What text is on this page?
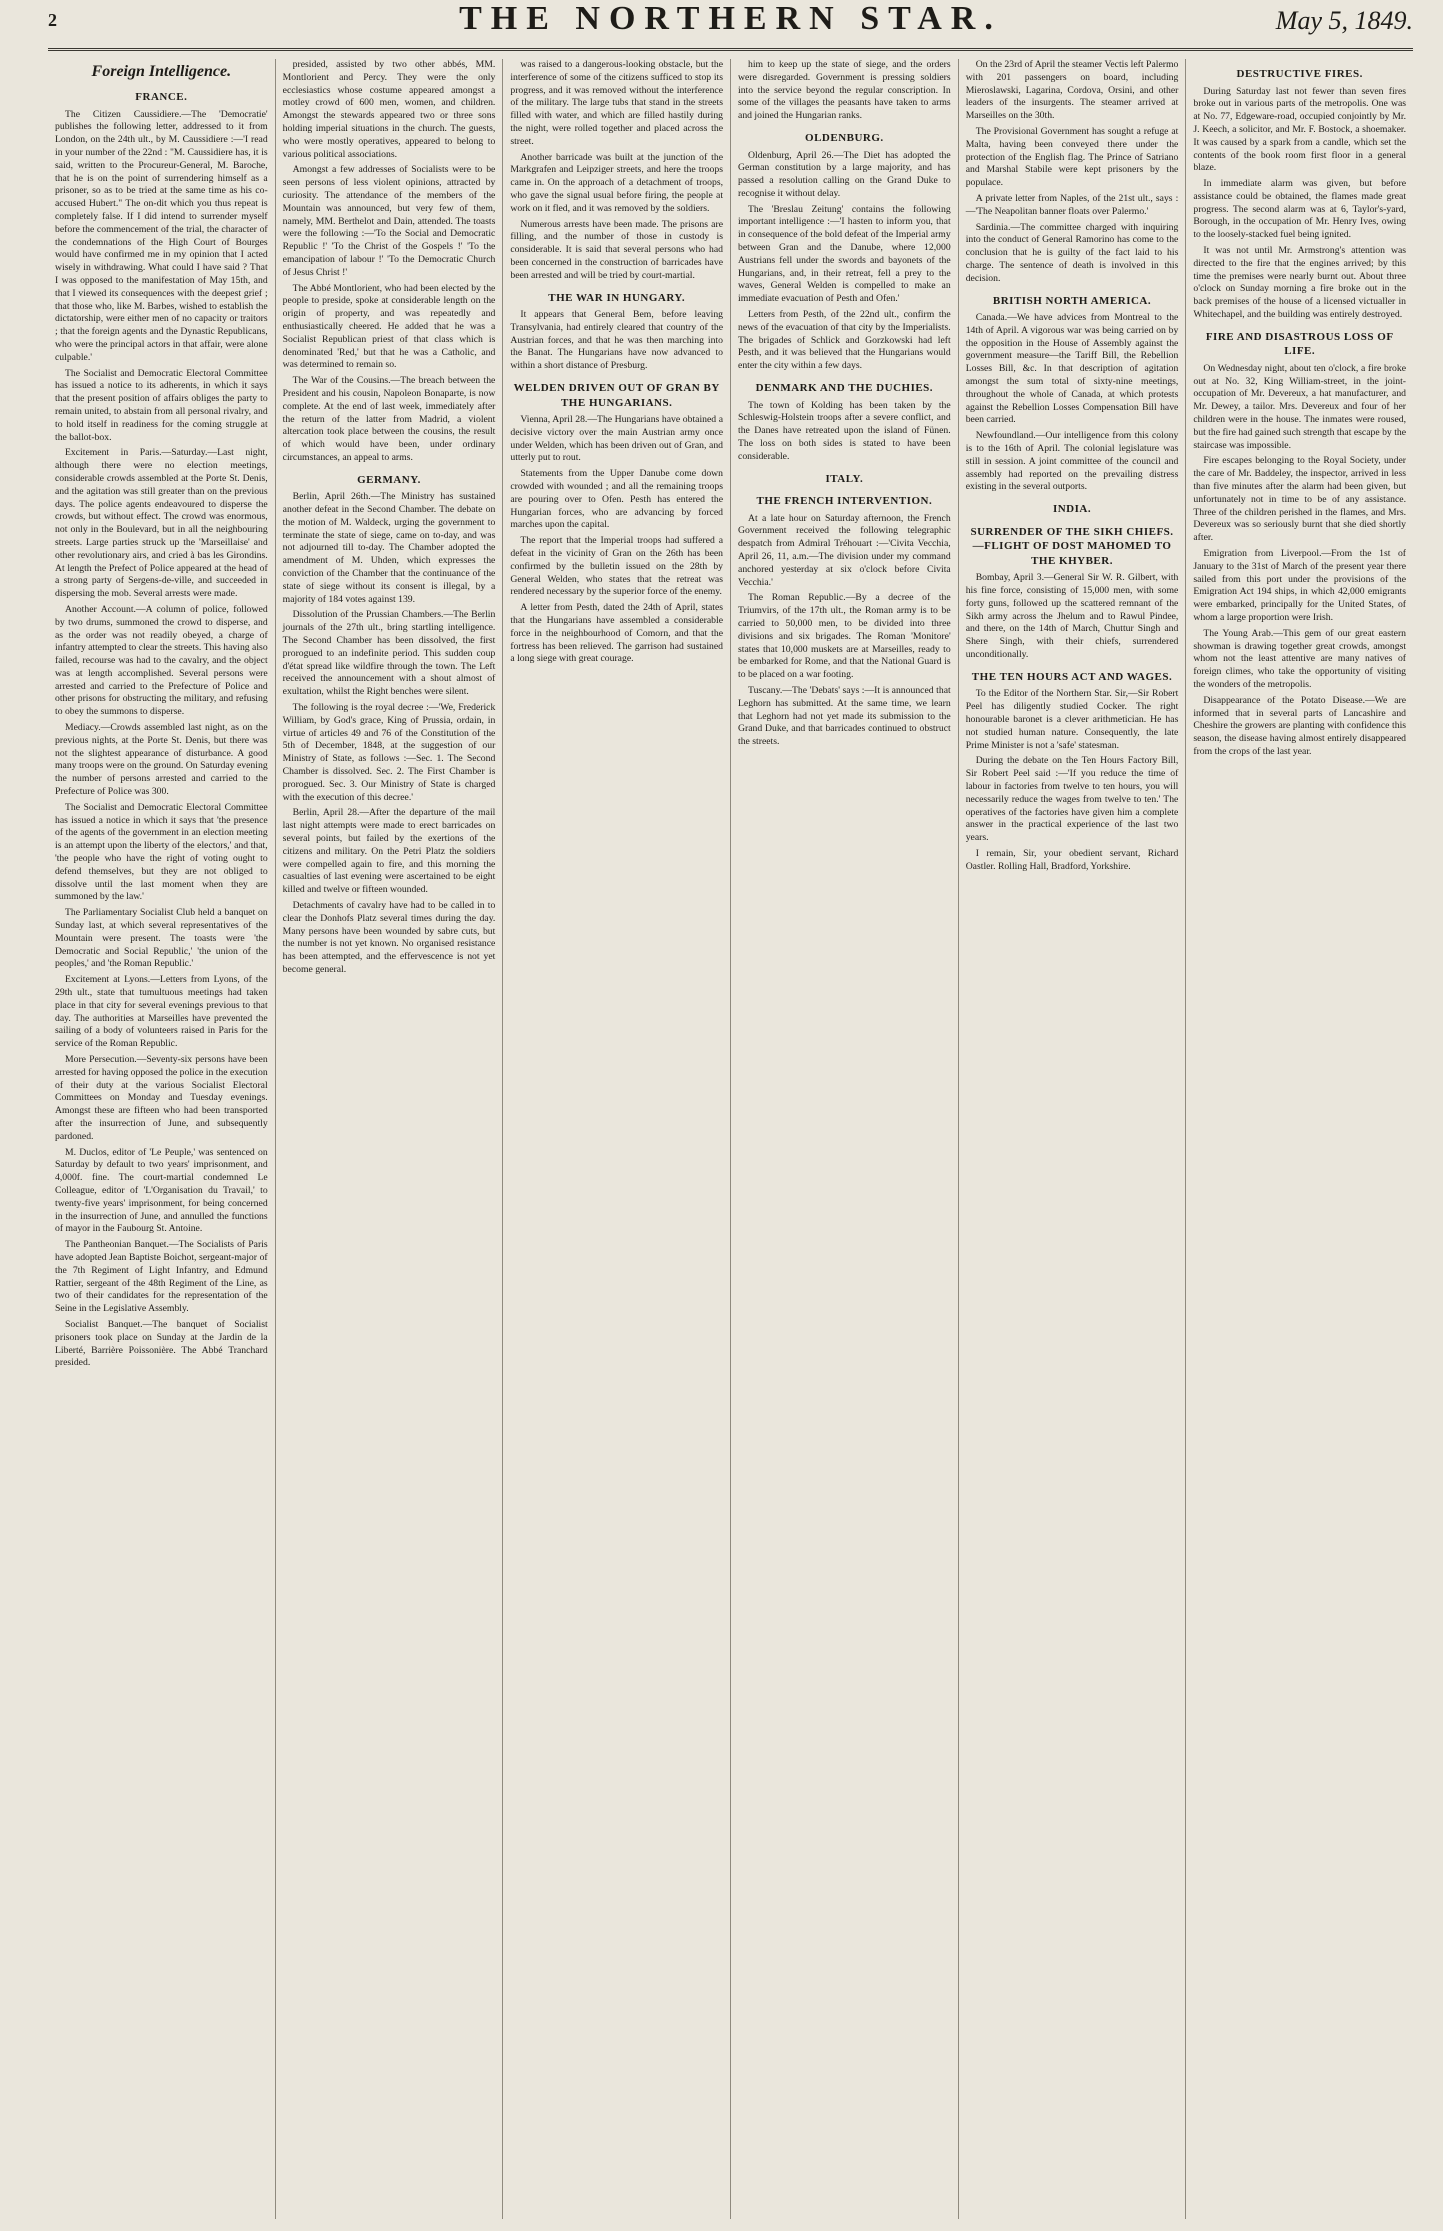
2	THE NORTHERN STAR.	May 5, 1849.
Foreign Intelligence.
FRANCE.

The Citizen Caussidiere.—The 'Democratie' publishes the following letter, addressed to it from London, on the 24th ult., by M. Caussidiere :—'I read in your number of the 22nd : "M. Caussidiere has, it is said, written to the Procureur-General, M. Baroche, that he is on the point of surrendering himself as a prisoner, so as to be tried at the same time as his co-accused Hubert." The on-dit which you thus repeat is completely false. If I did intend to surrender myself before the commencement of the trial, the character of the condemnations of the High Court of Bourges would have confirmed me in my opinion that I acted wisely in withdrawing. What could I have said ? That I was opposed to the manifestation of May 15th, and that I viewed its consequences with the deepest grief ; that those who, like M. Barbes, wished to establish the dictatorship, were either men of no capacity or traitors ; that the foreign agents and the Dynastic Republicans, who were the principal actors in that affair, were alone culpable.'

The Socialist and Democratic Electoral Committee has issued a notice to its adherents, in which it says that the present position of affairs obliges the party to remain united, to abstain from all personal rivalry, and to hold itself in readiness for the coming struggle at the ballot-box.

Excitement in Paris.—Saturday.—Last night, although there were no election meetings, considerable crowds assembled at the Porte St. Denis, and the agitation was still greater than on the previous days. The police agents endeavoured to disperse the crowds, but without effect. The crowd was enormous, not only in the Boulevard, but in all the neighbouring streets. Large parties struck up the 'Marseillaise' and other revolutionary airs, and cried à bas les Girondins. At length the Prefect of Police appeared at the head of a strong party of Sergens-de-ville, and succeeded in dispersing the mob. Several arrests were made.

Another Account.—A column of police, followed by two drums, summoned the crowd to disperse, and as the order was not readily obeyed, a charge of infantry attempted to clear the streets. This having also failed, recourse was had to the cavalry, and the object was at length accomplished. Several persons were arrested and carried to the Prefecture of Police and other prisons for obstructing the military, and refusing to obey the summons to disperse.

Mediacy.—Crowds assembled last night, as on the previous nights, at the Porte St. Denis, but there was not the slightest appearance of disturbance. A good many troops were on the ground. On Saturday evening the number of persons arrested and carried to the Prefecture of Police was 300.

The Socialist and Democratic Electoral Committee has issued a notice in which it says that 'the presence of the agents of the government in an election meeting is an attempt upon the liberty of the electors,' and that, 'the people who have the right of voting ought to defend themselves, but they are not obliged to dissolve until the last moment when they are summoned by the law.'

The Parliamentary Socialist Club held a banquet on Sunday last, at which several representatives of the Mountain were present. The toasts were 'the Democratic and Social Republic,' 'the union of the peoples,' and 'the Roman Republic.'

Excitement at Lyons.—Letters from Lyons, of the 29th ult., state that tumultuous meetings had taken place in that city for several evenings previous to that day. The authorities at Marseilles have prevented the sailing of a body of volunteers raised in Paris for the service of the Roman Republic.

More Persecution.—Seventy-six persons have been arrested for having opposed the police in the execution of their duty at the various Socialist Electoral Committees on Monday and Tuesday evenings. Amongst these are fifteen who had been transported after the insurrection of June, and subsequently pardoned.

M. Duclos, editor of 'Le Peuple,' was sentenced on Saturday by default to two years' imprisonment, and 4,000f. fine. The court-martial condemned Le Colleague, editor of 'L'Organisation du Travail,' to twenty-five years' imprisonment, for being concerned in the insurrection of June, and annulled the functions of mayor in the Faubourg St. Antoine.

The Pantheonian Banquet.—The Socialists of Paris have adopted Jean Baptiste Boichot, sergeant-major of the 7th Regiment of Light Infantry, and Edmund Rattier, sergeant of the 48th Regiment of the Line, as two of their candidates for the representation of the Seine in the Legislative Assembly.

Socialist Banquet.—The banquet of Socialist prisoners took place on Sunday at the Jardin de la Liberté, Barrière Poissonière. The Abbé Tranchard presided.

presided, assisted by two other abbés, MM. Montlorient and Percy. They were the only ecclesiastics whose costume appeared amongst a motley crowd of 600 men, women, and children. Amongst the stewards appeared two or three sons holding imperial situations in the church. The guests, who were mostly operatives, appeared to belong to various political associations.

Amongst a few addresses of Socialists were to be seen persons of less violent opinions, attracted by curiosity. The attendance of the members of the Mountain was announced, but very few of them, namely, MM. Berthelot and Dain, attended. The toasts were the following :—'To the Social and Democratic Republic !' 'To the Christ of the Gospels !' 'To the emancipation of labour !' 'To the Democratic Church of Jesus Christ !'

The Abbé Montlorient, who had been elected by the people to preside, spoke at considerable length on the origin of property, and was repeatedly and enthusiastically cheered. He added that he was a Socialist Republican priest of that class which is denominated 'Red,' but that he was a Catholic, and was determined to remain so.

The War of the Cousins.—The breach between the President and his cousin, Napoleon Bonaparte, is now complete. At the end of last week, immediately after the return of the latter from Madrid, a violent altercation took place between the cousins, the result of which would have been, under ordinary circumstances, an appeal to arms.

GERMANY.

Berlin, April 26th.—The Ministry has sustained another defeat in the Second Chamber. The debate on the motion of M. Waldeck, urging the government to terminate the state of siege, came on to-day, and was not adjourned till to-day. The Chamber adopted the amendment of M. Uhden, which expresses the conviction of the Chamber that the continuance of the state of siege without its consent is illegal, by a majority of 184 votes against 139.

Dissolution of the Prussian Chambers.—The Berlin journals of the 27th ult., bring startling intelligence. The Second Chamber has been dissolved, the first prorogued to an indefinite period. This sudden coup d'état spread like wildfire through the town. The Left received the announcement with a shout almost of exultation, whilst the Right benches were silent.

The following is the royal decree :—'We, Frederick William, by God's grace, King of Prussia, ordain, in virtue of articles 49 and 76 of the Constitution of the 5th of December, 1848, at the suggestion of our Ministry of State, as follows :—Sec. 1. The Second Chamber is dissolved. Sec. 2. The First Chamber is prorogued. Sec. 3. Our Ministry of State is charged with the execution of this decree.'

Berlin, April 28.—After the departure of the mail last night attempts were made to erect barricades on several points, but failed by the exertions of the citizens and military. On the Petri Platz the soldiers were compelled again to fire, and this morning the casualties of last evening were ascertained to be eight killed and twelve or fifteen wounded.

Detachments of cavalry have had to be called in to clear the Donhofs Platz several times during the day. Many persons have been wounded by sabre cuts, but the number is not yet known. No organised resistance has been attempted, and the effervescence is not yet become general.

was raised to a dangerous-looking obstacle, but the interference of some of the citizens sufficed to stop its progress, and it was removed without the interference of the military. The large tubs that stand in the streets filled with water, and which are filled hastily during the night, were rolled together and placed across the street.

Another barricade was built at the junction of the Markgrafen and Leipziger streets, and here the troops came in. On the approach of a detachment of troops, who gave the signal usual before firing, the people at work on it fled, and it was removed by the soldiers.

Numerous arrests have been made. The prisons are filling, and the number of those in custody is considerable. It is said that several persons who had been concerned in the construction of barricades have been arrested and will be tried by court-martial.

THE WAR IN HUNGARY.

It appears that General Bem, before leaving Transylvania, had entirely cleared that country of the Austrian forces, and that he was then marching into the Banat. The Hungarians have now advanced to within a short distance of Presburg.

WELDEN DRIVEN OUT OF GRAN BY THE HUNGARIANS.

Vienna, April 28.—The Hungarians have obtained a decisive victory over the main Austrian army once under Welden, which has been driven out of Gran, and utterly put to rout.

Statements from the Upper Danube come down crowded with wounded ; and all the remaining troops are pouring over to Ofen. Pesth has entered the Hungarian forces, who are advancing by forced marches upon the capital.

The report that the Imperial troops had suffered a defeat in the vicinity of Gran on the 26th has been confirmed by the bulletin issued on the 28th by General Welden, who states that the retreat was rendered necessary by the superior force of the enemy.

A letter from Pesth, dated the 24th of April, states that the Hungarians have assembled a considerable force in the neighbourhood of Comorn, and that the fortress has been relieved. The garrison had sustained a long siege with great courage.

him to keep up the state of siege, and the orders were disregarded. Government is pressing soldiers into the service beyond the regular conscription. In some of the villages the peasants have taken to arms and joined the Hungarian ranks.

OLDENBURG.

Oldenburg, April 26.—The Diet has adopted the German constitution by a large majority, and has passed a resolution calling on the Grand Duke to recognise it without delay.

The 'Breslau Zeitung' contains the following important intelligence :—'I hasten to inform you, that in consequence of the bold defeat of the Imperial army between Gran and the Danube, where 12,000 Austrians fell under the swords and bayonets of the Hungarians, and, in their retreat, fell a prey to the waves, General Welden is compelled to make an immediate evacuation of Pesth and Ofen.'

Letters from Pesth, of the 22nd ult., confirm the news of the evacuation of that city by the Imperialists. The brigades of Schlick and Gorzkowski had left Pesth, and it was believed that the Hungarians would enter the city within a few days.

DENMARK AND THE DUCHIES.

The town of Kolding has been taken by the Schleswig-Holstein troops after a severe conflict, and the Danes have retreated upon the island of Fünen. The loss on both sides is stated to have been considerable.

ITALY.
THE FRENCH INTERVENTION.

At a late hour on Saturday afternoon, the French Government received the following telegraphic despatch from Admiral Tréhouart :—'Civita Vecchia, April 26, 11, a.m.—The division under my command anchored yesterday at six o'clock before Civita Vecchia.'

The Roman Republic.—By a decree of the Triumvirs, of the 17th ult., the Roman army is to be carried to 50,000 men, to be divided into three divisions and six brigades. The Roman 'Monitore' states that 10,000 muskets are at Marseilles, ready to be embarked for Rome, and that the National Guard is to be placed on a war footing.

Tuscany.—The 'Debats' says :—It is announced that Leghorn has submitted. At the same time, we learn that Leghorn had not yet made its submission to the Grand Duke, and that barricades continued to obstruct the streets.

On the 23rd of April the steamer Vectis left Palermo with 201 passengers on board, including Mieroslawski, Lagarina, Cordova, Orsini, and other leaders of the insurgents. The steamer arrived at Marseilles on the 30th.

The Provisional Government has sought a refuge at Malta, having been conveyed there under the protection of the English flag. The Prince of Satriano and Marshal Stabile were kept prisoners by the populace.

A private letter from Naples, of the 21st ult., says :—'The Neapolitan banner floats over Palermo.'

Sardinia.—The committee charged with inquiring into the conduct of General Ramorino has come to the conclusion that he is guilty of the fact laid to his charge. The sentence of death is involved in this decision.

BRITISH NORTH AMERICA.

Canada.—We have advices from Montreal to the 14th of April. A vigorous war was being carried on by the opposition in the House of Assembly against the government measure—the Tariff Bill, the Rebellion Losses Bill, &c. In that description of agitation amongst the sum total of sixty-nine meetings, throughout the whole of Canada, at which protests against the Rebellion Losses Compensation Bill have been carried.

Newfoundland.—Our intelligence from this colony is to the 16th of April. The colonial legislature was still in session. A joint committee of the council and assembly had reported on the prevailing distress existing in the several outports.

INDIA.
SURRENDER OF THE SIKH CHIEFS.—FLIGHT OF DOST MAHOMED TO THE KHYBER.

Bombay, April 3.—General Sir W. R. Gilbert, with his fine force, consisting of 15,000 men, with some forty guns, followed up the scattered remnant of the Sikh army across the Jhelum and to Rawul Pindee, and there, on the 14th of March, Chuttur Singh and Shere Singh, with their chiefs, surrendered unconditionally.

THE TEN HOURS ACT AND WAGES.

To the Editor of the Northern Star. Sir,—Sir Robert Peel has diligently studied Cocker. The right honourable baronet is a clever arithmetician. He has not studied human nature. Consequently, the late Prime Minister is not a 'safe' statesman.

During the debate on the Ten Hours Factory Bill, Sir Robert Peel said :—'If you reduce the time of labour in factories from twelve to ten hours, you will necessarily reduce the wages from twelve to ten.' The operatives of the factories have given him a complete answer in the practical experience of the last two years.

I remain, Sir, your obedient servant, Richard Oastler. Rolling Hall, Bradford, Yorkshire.

DESTRUCTIVE FIRES.

During Saturday last not fewer than seven fires broke out in various parts of the metropolis. One was at No. 77, Edgeware-road, occupied conjointly by Mr. J. Keech, a solicitor, and Mr. F. Bostock, a shoemaker. It was caused by a spark from a candle, which set the contents of the book room first floor in a general blaze.

In immediate alarm was given, but before assistance could be obtained, the flames made great progress. The second alarm was at 6, Taylor's-yard, Borough, in the occupation of Mr. Henry Ives, owing to the loosely-stacked fuel being ignited.

It was not until Mr. Armstrong's attention was directed to the fire that the engines arrived; by this time the premises were nearly burnt out. About three o'clock on Sunday morning a fire broke out in the back premises of the house of a licensed victualler in Whitechapel, and the building was entirely destroyed.

FIRE AND DISASTROUS LOSS OF LIFE.

On Wednesday night, about ten o'clock, a fire broke out at No. 32, King William-street, in the joint-occupation of Mr. Devereux, a hat manufacturer, and Mr. Dewey, a tailor. Mrs. Devereux and four of her children were in the house. The inmates were roused, but the fire had gained such strength that escape by the staircase was impossible.

Fire escapes belonging to the Royal Society, under the care of Mr. Baddeley, the inspector, arrived in less than five minutes after the alarm had been given, but unfortunately not in time to be of any assistance. Three of the children perished in the flames, and Mrs. Devereux was so seriously burnt that she died shortly after.

Emigration from Liverpool.—From the 1st of January to the 31st of March of the present year there sailed from this port under the provisions of the Emigration Act 194 ships, in which 42,000 emigrants were embarked, principally for the United States, of whom a large proportion were Irish.

The Young Arab.—This gem of our great eastern showman is drawing together great crowds, amongst whom not the least attentive are many natives of foreign climes, who take the opportunity of visiting the wonders of the metropolis.

Disappearance of the Potato Disease.—We are informed that in several parts of Lancashire and Cheshire the growers are planting with confidence this season, the disease having almost entirely disappeared from the crops of the last year.
